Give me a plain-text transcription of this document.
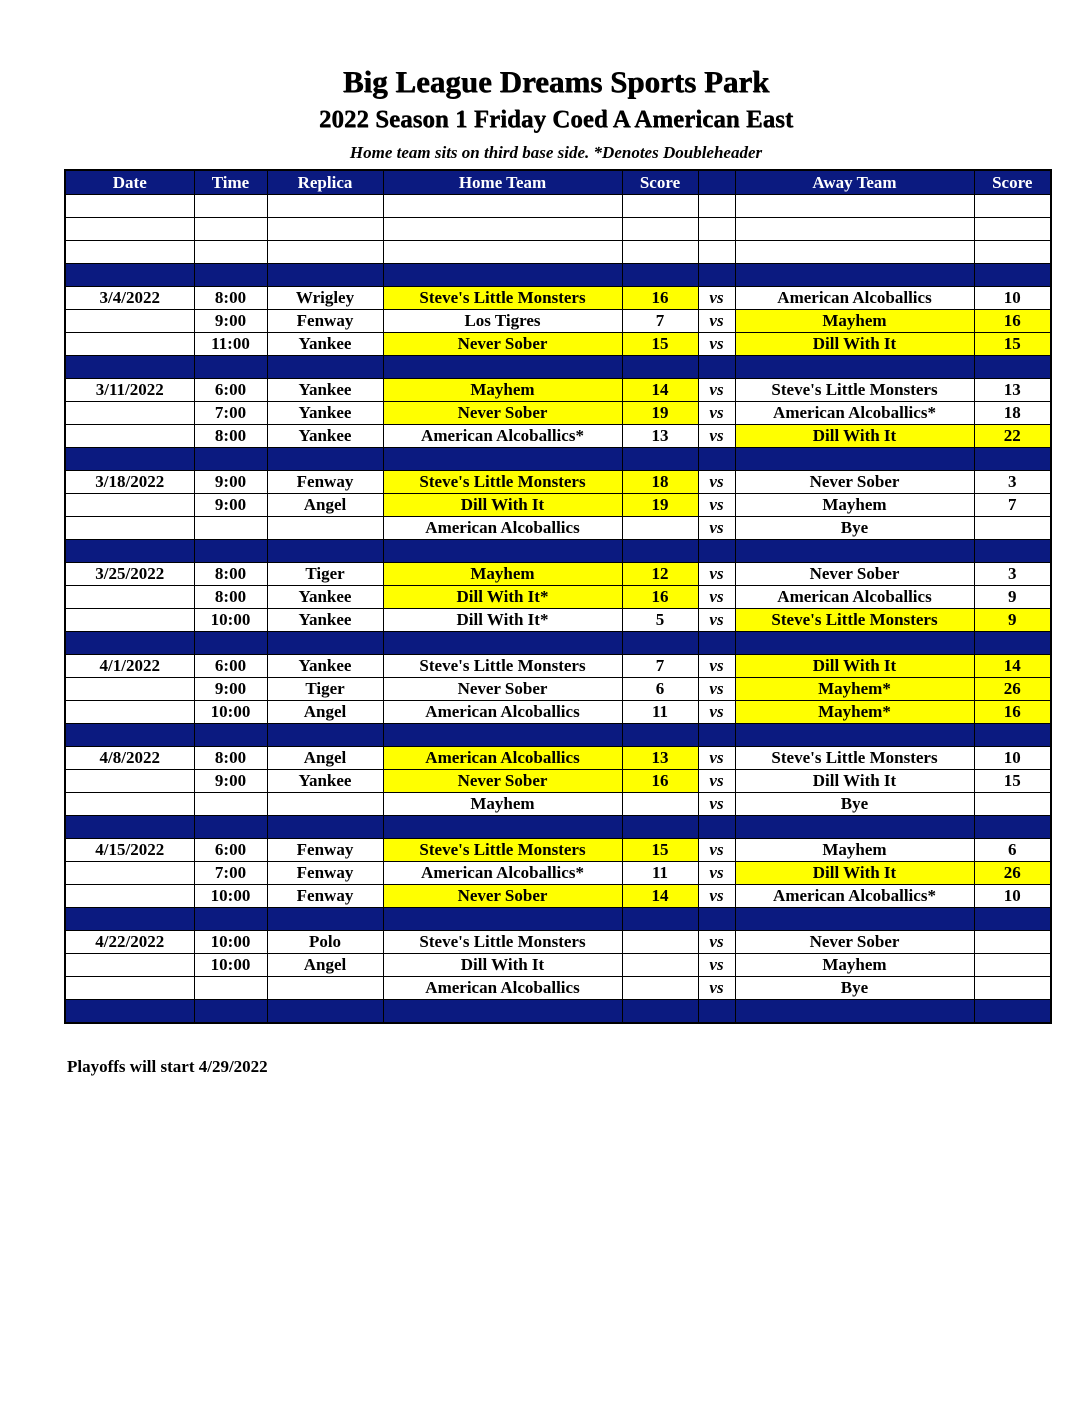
Big League Dreams Sports Park
2022 Season 1 Friday Coed A American East
Home team sits on third base side. *Denotes Doubleheader
Date	Time	Replica	Home Team	Score		Away Team	Score

3/4/2022	8:00	Wrigley	Steve's Little Monsters	16	vs	American Alcoballics	10
	9:00	Fenway	Los Tigres	7	vs	Mayhem	16
	11:00	Yankee	Never Sober	15	vs	Dill With It	15

3/11/2022	6:00	Yankee	Mayhem	14	vs	Steve's Little Monsters	13
	7:00	Yankee	Never Sober	19	vs	American Alcoballics*	18
	8:00	Yankee	American Alcoballics*	13	vs	Dill With It	22

3/18/2022	9:00	Fenway	Steve's Little Monsters	18	vs	Never Sober	3
	9:00	Angel	Dill With It	19	vs	Mayhem	7
			American Alcoballics		vs	Bye	

3/25/2022	8:00	Tiger	Mayhem	12	vs	Never Sober	3
	8:00	Yankee	Dill With It*	16	vs	American Alcoballics	9
	10:00	Yankee	Dill With It*	5	vs	Steve's Little Monsters	9

4/1/2022	6:00	Yankee	Steve's Little Monsters	7	vs	Dill With It	14
	9:00	Tiger	Never Sober	6	vs	Mayhem*	26
	10:00	Angel	American Alcoballics	11	vs	Mayhem*	16

4/8/2022	8:00	Angel	American Alcoballics	13	vs	Steve's Little Monsters	10
	9:00	Yankee	Never Sober	16	vs	Dill With It	15
			Mayhem		vs	Bye	

4/15/2022	6:00	Fenway	Steve's Little Monsters	15	vs	Mayhem	6
	7:00	Fenway	American Alcoballics*	11	vs	Dill With It	26
	10:00	Fenway	Never Sober	14	vs	American Alcoballics*	10

4/22/2022	10:00	Polo	Steve's Little Monsters		vs	Never Sober	
	10:00	Angel	Dill With It		vs	Mayhem	
			American Alcoballics		vs	Bye	

Playoffs will start 4/29/2022
